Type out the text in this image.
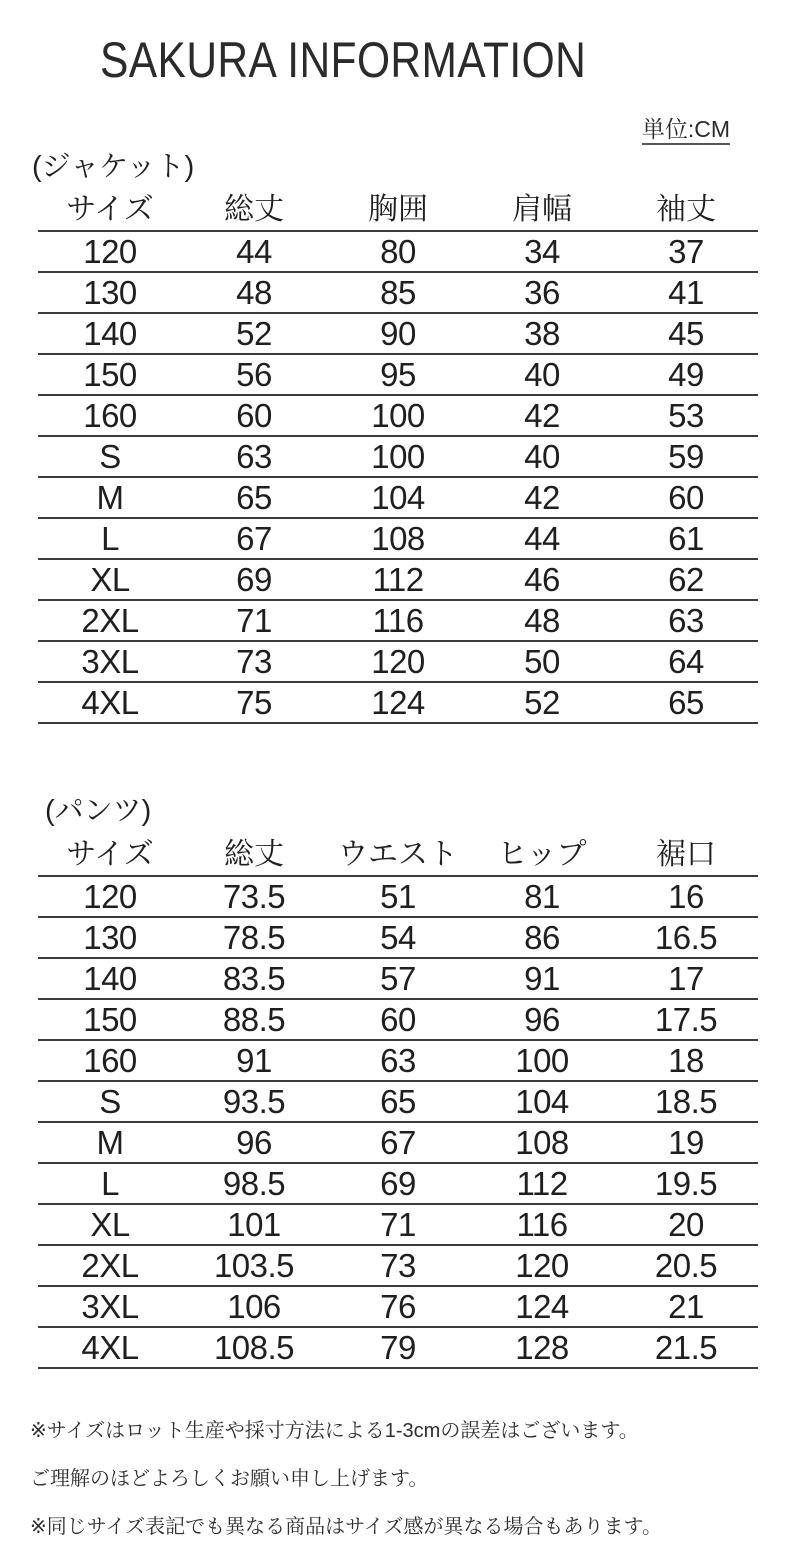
SAKURA INFORMATION
単位:CM
(ジャケット)
サイズ	総丈	胸囲	肩幅	袖丈
120	44	80	34	37
130	48	85	36	41
140	52	90	38	45
150	56	95	40	49
160	60	100	42	53
S	63	100	40	59
M	65	104	42	60
L	67	108	44	61
XL	69	112	46	62
2XL	71	116	48	63
3XL	73	120	50	64
4XL	75	124	52	65
(パンツ)
サイズ	総丈	ウエスト	ヒップ	裾口
120	73.5	51	81	16
130	78.5	54	86	16.5
140	83.5	57	91	17
150	88.5	60	96	17.5
160	91	63	100	18
S	93.5	65	104	18.5
M	96	67	108	19
L	98.5	69	112	19.5
XL	101	71	116	20
2XL	103.5	73	120	20.5
3XL	106	76	124	21
4XL	108.5	79	128	21.5

※サイズはロット生産や採寸方法による1-3cmの誤差はございます。

ご理解のほどよろしくお願い申し上げます。

※同じサイズ表記でも異なる商品はサイズ感が異なる場合もあります。
